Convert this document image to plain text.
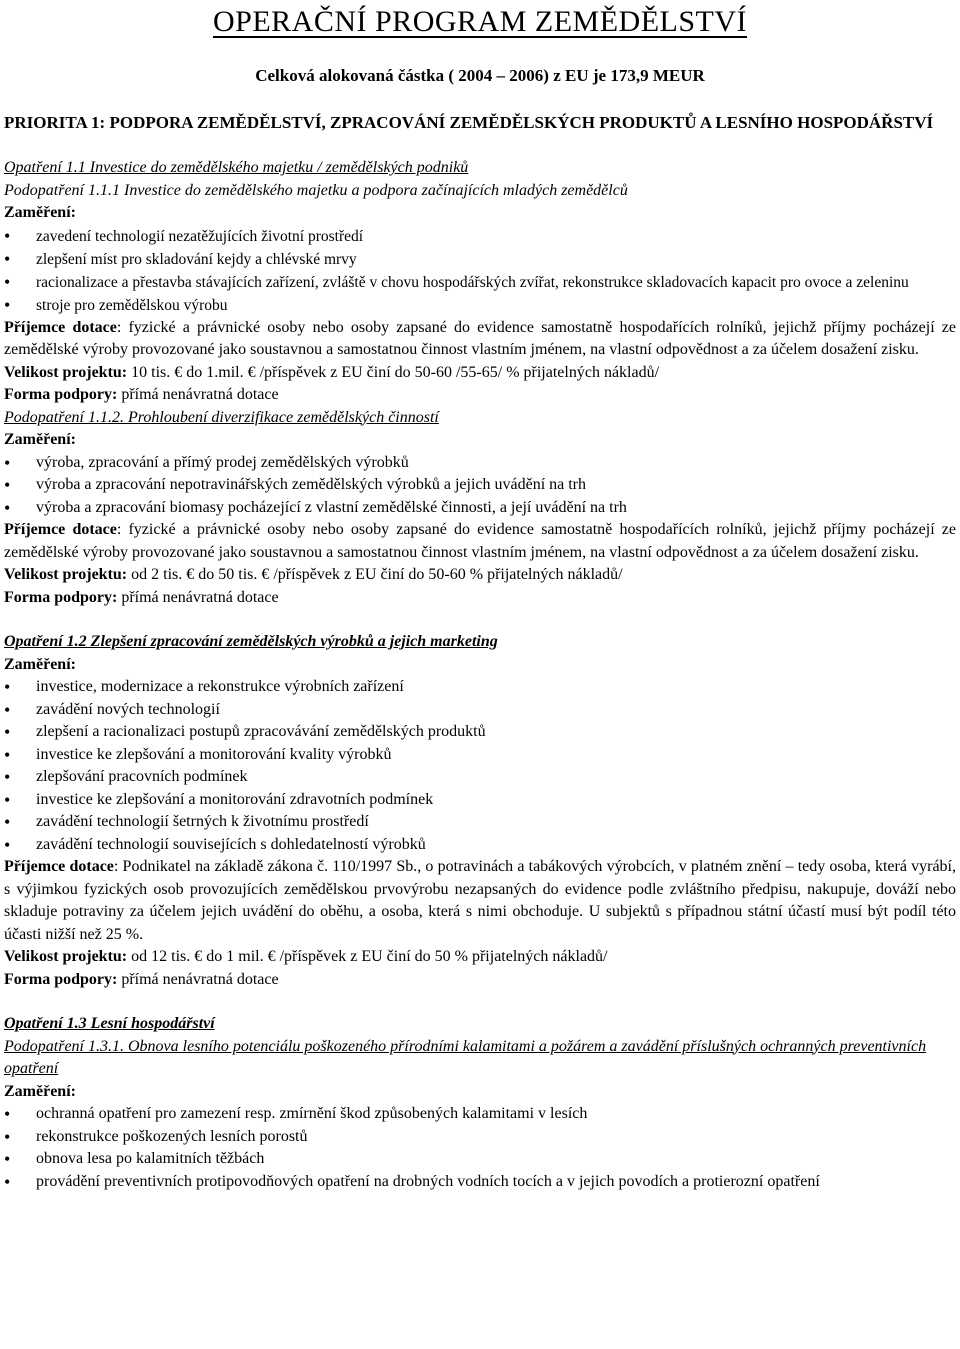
OPERAČNÍ PROGRAM ZEMĚDĚLSTVÍ
Celková alokovaná částka ( 2004 – 2006) z EU je 173,9 MEUR
PRIORITA 1: PODPORA ZEMĚDĚLSTVÍ, ZPRACOVÁNÍ ZEMĚDĚLSKÝCH PRODUKTŮ A LESNÍHO HOSPODÁŘSTVÍ
Opatření 1.1 Investice do zemědělského majetku / zemědělských podniků
Podopatření 1.1.1 Investice do zemědělského majetku a podpora začínajících mladých zemědělců
Zaměření:
• zavedení technologií nezatěžujících životní prostředí
• zlepšení míst pro skladování kejdy a chlévské mrvy
• racionalizace a přestavba stávajících zařízení, zvláště v chovu hospodářských zvířat, rekonstrukce skladovacích kapacit pro ovoce a zeleninu
• stroje pro zemědělskou výrobu
Příjemce dotace: fyzické a právnické osoby nebo osoby zapsané do evidence samostatně hospodařících rolníků, jejichž příjmy pocházejí ze zemědělské výroby provozované jako soustavnou a samostatnou činnost vlastním jménem, na vlastní odpovědnost a za účelem dosažení zisku.
Velikost projektu: 10 tis. € do 1.mil. € /příspěvek z EU činí do 50-60 /55-65/ % přijatelných nákladů/
Forma podpory: přímá nenávratná dotace
Podopatření 1.1.2. Prohloubení diverzifikace zemědělských činností
Zaměření:
• výroba, zpracování a přímý prodej zemědělských výrobků
• výroba a zpracování nepotravinářských zemědělských výrobků a jejich uvádění na trh
• výroba a zpracování biomasy pocházející z vlastní zemědělské činnosti, a její uvádění na trh
Příjemce dotace: fyzické a právnické osoby nebo osoby zapsané do evidence samostatně hospodařících rolníků, jejichž příjmy pocházejí ze zemědělské výroby provozované jako soustavnou a samostatnou činnost vlastním jménem, na vlastní odpovědnost a za účelem dosažení zisku.
Velikost projektu: od 2 tis. € do 50 tis. € /příspěvek z EU činí do 50-60 % přijatelných nákladů/
Forma podpory: přímá nenávratná dotace
Opatření 1.2 Zlepšení zpracování zemědělských výrobků a jejich marketing
Zaměření:
• investice, modernizace a rekonstrukce výrobních zařízení
• zavádění nových technologií
• zlepšení a racionalizaci postupů zpracovávání zemědělských produktů
• investice ke zlepšování a monitorování kvality výrobků
• zlepšování pracovních podmínek
• investice ke zlepšování a monitorování zdravotních podmínek
• zavádění technologií šetrných k životnímu prostředí
• zavádění technologií souvisejících s dohledatelností výrobků
Příjemce dotace: Podnikatel na základě zákona č. 110/1997 Sb., o potravinách a tabákových výrobcích, v platném znění – tedy osoba, která vyrábí, s výjimkou fyzických osob provozujících zemědělskou prvovýrobu nezapsaných do evidence podle zvláštního předpisu, nakupuje, dováží nebo skladuje potraviny za účelem jejich uvádění do oběhu, a osoba, která s nimi obchoduje. U subjektů s případnou státní účastí musí být podíl této účasti nižší než 25 %.
Velikost projektu: od 12 tis. € do 1 mil. € /příspěvek z EU činí do 50 % přijatelných nákladů/
Forma podpory: přímá nenávratná dotace
Opatření 1.3 Lesní hospodářství
Podopatření 1.3.1. Obnova lesního potenciálu poškozeného přírodními kalamitami a požárem a zavádění příslušných ochranných preventivních opatření
Zaměření:
• ochranná opatření pro zamezení resp. zmírnění škod způsobených kalamitami v lesích
• rekonstrukce poškozených lesních porostů
• obnova lesa po kalamitních těžbách
• provádění preventivních protipovodňových opatření na drobných vodních tocích a v jejich povodích a protierozní opatření
